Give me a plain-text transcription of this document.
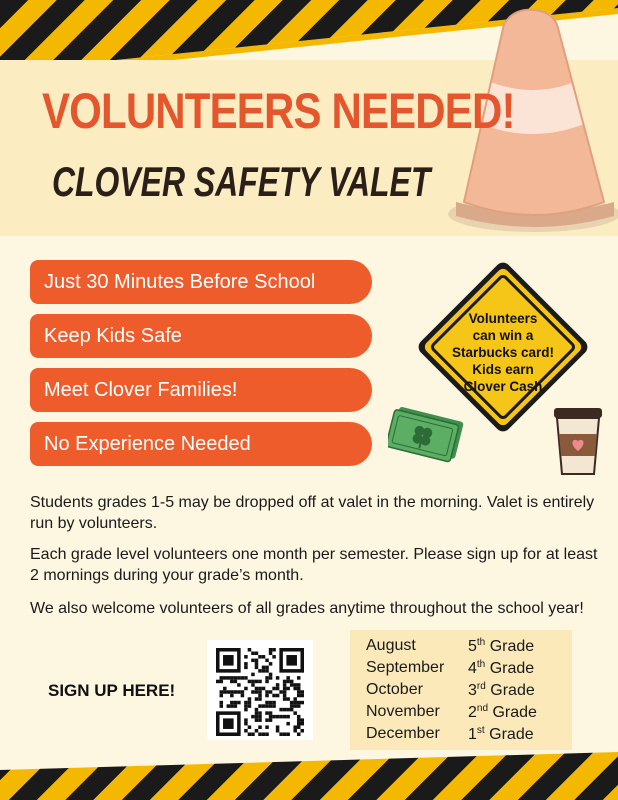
VOLUNTEERS NEEDED!
CLOVER SAFETY VALET
Just 30 Minutes Before School
Keep Kids Safe
Meet Clover Families!
No Experience Needed
Volunteers
can win a
Starbucks card!
Kids earn
Clover Cash
Students grades 1-5 may be dropped off at valet in the morning. Valet is entirely run by volunteers.
Each grade level volunteers one month per semester. Please sign up for at least 2 mornings during your grade’s month.
We also welcome volunteers of all grades anytime throughout the school year!
SIGN UP HERE!
August	5th Grade
September 4th Grade
October	3rd Grade
November 2nd Grade
December 1st Grade
